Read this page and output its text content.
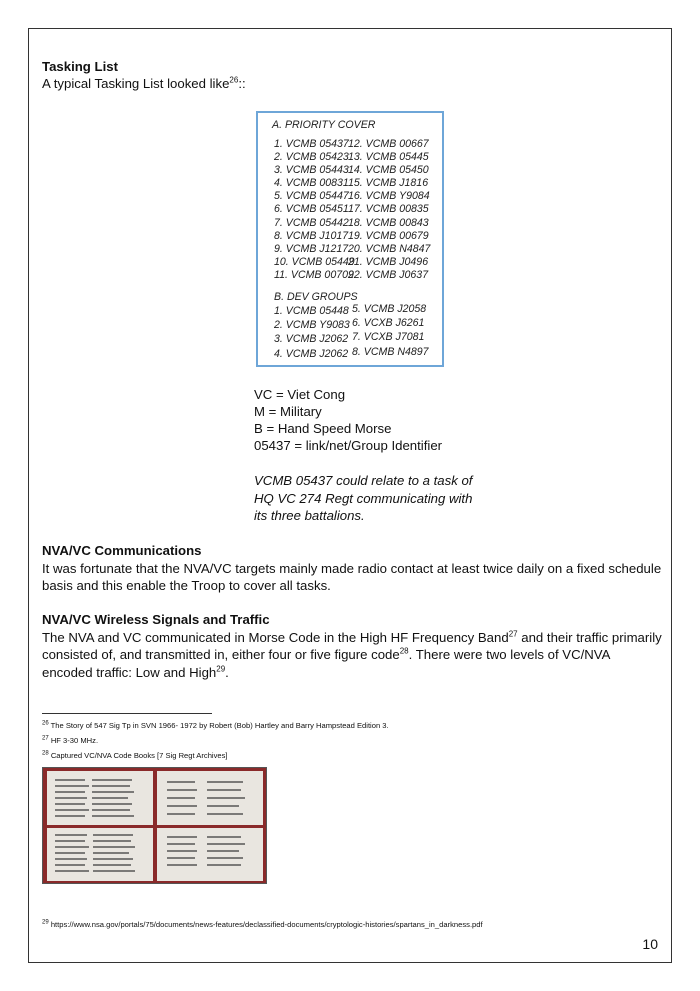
Tasking List
A typical Tasking List looked like$^{26}$::
A. PRIORITY COVER
1. VCMB 05437
2. VCMB 05423
3. VCMB 05443
4. VCMB 00831
5. VCMB 05447
6. VCMB 05451
7. VCMB 05442
8. VCMB J1017
9. VCMB J1217
10. VCMB 05449
11. VCMB 00709
12. VCMB 00667
13. VCMB 05445
14. VCMB 05450
15. VCMB J1816
16. VCMB Y9084
17. VCMB 00835
18. VCMB 00843
19. VCMB 00679
20. VCMB N4847
21. VCMB J0496
22. VCMB J0637
B. DEV GROUPS
1. VCMB 05448
2. VCMB Y9083
3. VCMB J2062
4. VCMB J2062
5. VCMB J2058
6. VCXB J6261
7. VCXB J7081
8. VCMB N4897
VC = Viet Cong
M = Military
B = Hand Speed Morse
05437 = link/net/Group Identifier
VCMB 05437 could relate to a task of
HQ VC 274 Regt communicating with
its three battalions.
NVA/VC Communications
It was fortunate that the NVA/VC targets mainly made radio contact at least twice daily on a fixed schedule basis and this enable the Troop to cover all tasks.
NVA/VC Wireless Signals and Traffic
The NVA and VC communicated in Morse Code in the High HF Frequency Band$^{27}$ and their traffic primarily consisted of, and transmitted in, either four or five figure code$^{28}$. There were two levels of VC/NVA encoded traffic: Low and High$^{29}$.
$^{26}$ The Story of 547 Sig Tp in SVN 1966- 1972 by Robert (Bob) Hartley and Barry Hampstead Edition 3.
$^{27}$ HF 3-30 MHz.
$^{28}$ Captured VC/NVA Code Books [7 Sig Regt Archives]
$^{29}$ https://www.nsa.gov/portals/75/documents/news-features/declassified-documents/cryptologic-histories/spartans_in_darkness.pdf
10
